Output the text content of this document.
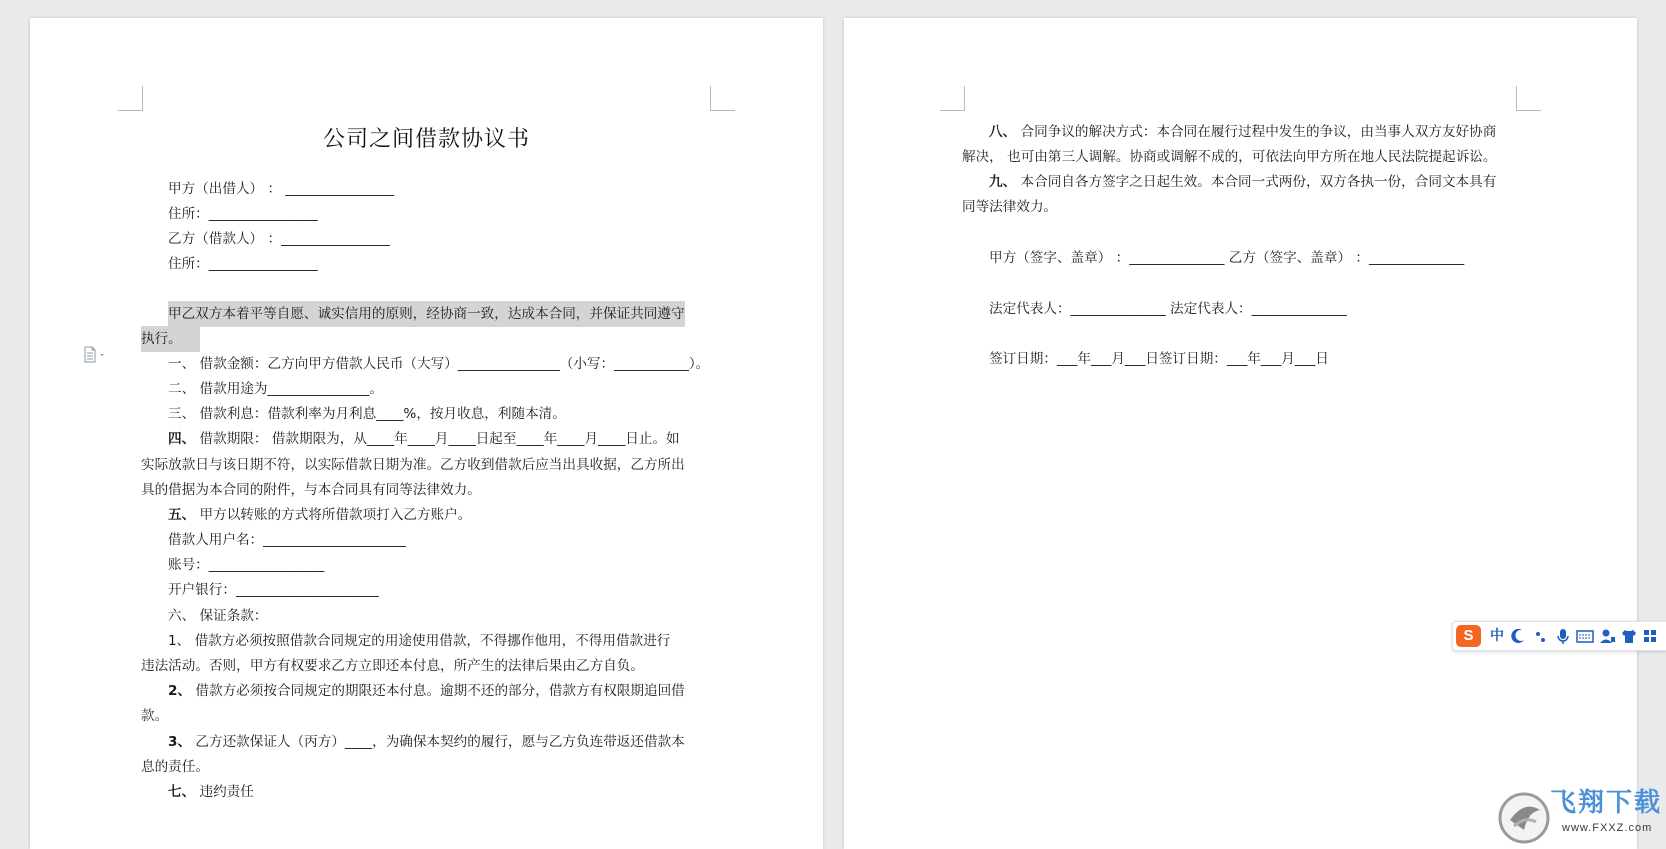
公司之间借款协议书
甲方（出借人） ： ________________
住所：________________
乙方（借款人） ：________________
住所：________________
甲乙双方本着平等自愿、诚实信用的原则，经协商一致，达成本合同，并保证共同遵守
执行。
一、 借款金额：乙方向甲方借款人民币（大写）_______________（小写：___________）。
二、 借款用途为_______________。
三、 借款利息：借款利率为月利息____%，按月收息，利随本清。
四、 借款期限： 借款期限为，从____年____月____日起至____年____月____日止。如
实际放款日与该日期不符，以实际借款日期为准。乙方收到借款后应当出具收据，乙方所出
具的借据为本合同的附件，与本合同具有同等法律效力。
五、 甲方以转账的方式将所借款项打入乙方账户。
借款人用户名：_____________________
账号：_________________
开户银行：_____________________
六、 保证条款：
1、 借款方必须按照借款合同规定的用途使用借款，不得挪作他用，不得用借款进行
违法活动。否则，甲方有权要求乙方立即还本付息，所产生的法律后果由乙方自负。
2、 借款方必须按合同规定的期限还本付息。逾期不还的部分，借款方有权限期追回借
款。
3、 乙方还款保证人（丙方）____，为确保本契约的履行，愿与乙方负连带返还借款本
息的责任。
七、 违约责任
八、 合同争议的解决方式：本合同在履行过程中发生的争议，由当事人双方友好协商
解决， 也可由第三人调解。协商或调解不成的，可依法向甲方所在地人民法院提起诉讼。
九、 本合同自各方签字之日起生效。本合同一式两份，双方各执一份，合同文本具有
同等法律效力。
甲方（签字、盖章） ：______________ 乙方（签字、盖章） ：______________
法定代表人：______________ 法定代表人：______________
签订日期：___年___月___日签订日期：___年___月___日
S	中
飞翔下载
www.FXXZ.com
